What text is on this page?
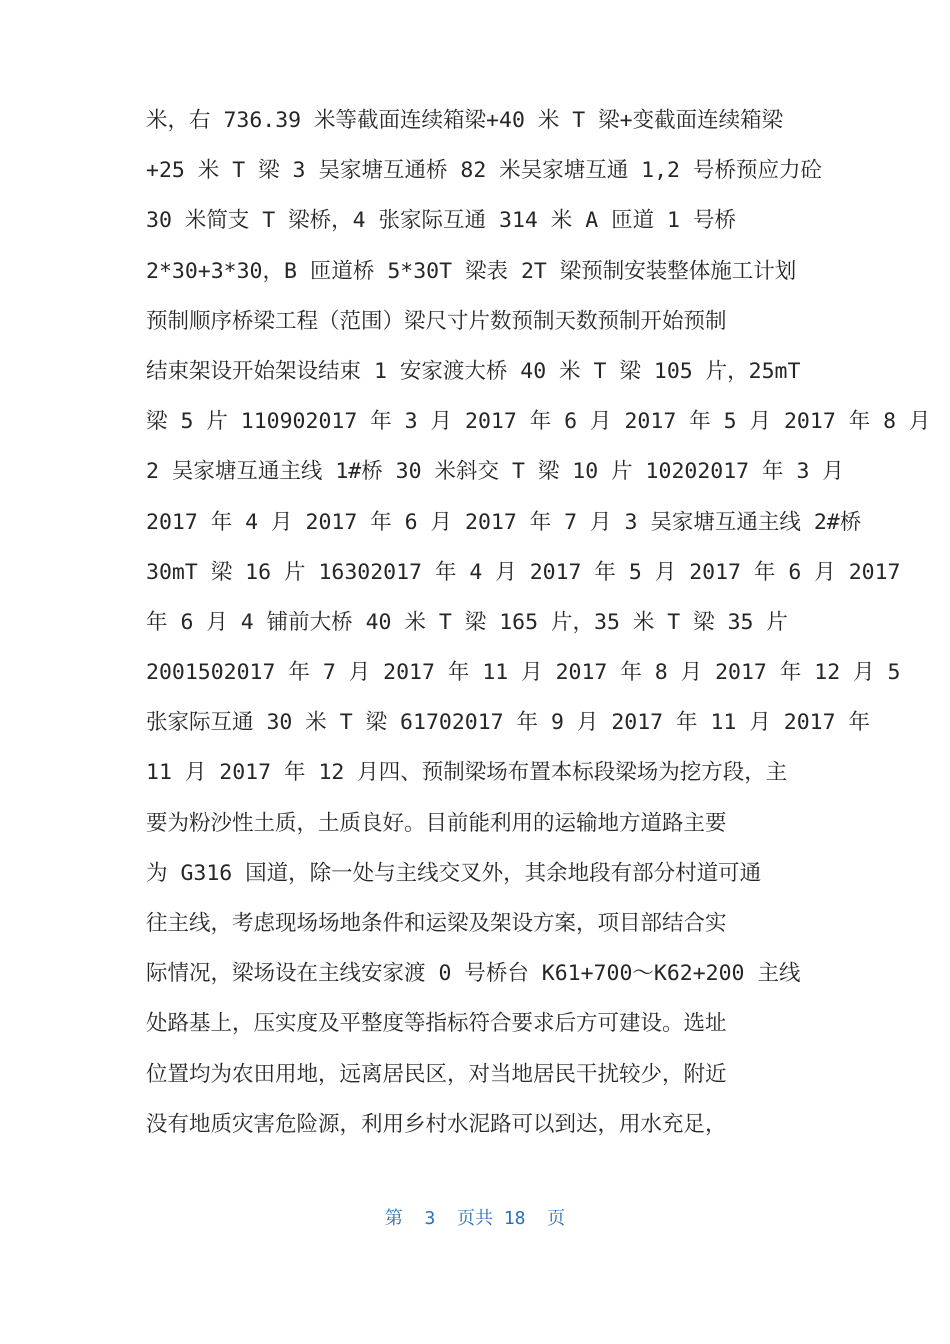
米，右 736.39 米等截面连续箱梁+40 米 T 梁+变截面连续箱梁
+25 米 T 梁 3 吴家塘互通桥 82 米吴家塘互通 1,2 号桥预应力砼
30 米简支 T 梁桥，4 张家际互通 314 米 A 匝道 1 号桥
2*30+3*30，B 匝道桥 5*30T 梁表 2T 梁预制安装整体施工计划
预制顺序桥梁工程（范围）梁尺寸片数预制天数预制开始预制
结束架设开始架设结束 1 安家渡大桥 40 米 T 梁 105 片，25mT
梁 5 片 110902017 年 3 月 2017 年 6 月 2017 年 5 月 2017 年 8 月
2 吴家塘互通主线 1#桥 30 米斜交 T 梁 10 片 10202017 年 3 月
2017 年 4 月 2017 年 6 月 2017 年 7 月 3 吴家塘互通主线 2#桥
30mT 梁 16 片 16302017 年 4 月 2017 年 5 月 2017 年 6 月 2017
年 6 月 4 铺前大桥 40 米 T 梁 165 片，35 米 T 梁 35 片
2001502017 年 7 月 2017 年 11 月 2017 年 8 月 2017 年 12 月 5
张家际互通 30 米 T 梁 61702017 年 9 月 2017 年 11 月 2017 年
11 月 2017 年 12 月四、预制梁场布置本标段梁场为挖方段，主
要为粉沙性土质，土质良好。目前能利用的运输地方道路主要
为 G316 国道，除一处与主线交叉外，其余地段有部分村道可通
往主线，考虑现场场地条件和运梁及架设方案，项目部结合实
际情况，梁场设在主线安家渡 0 号桥台 K61+700～K62+200 主线
处路基上，压实度及平整度等指标符合要求后方可建设。选址
位置均为农田用地，远离居民区，对当地居民干扰较少，附近
没有地质灾害危险源，利用乡村水泥路可以到达，用水充足，
第  3  页共 18  页
